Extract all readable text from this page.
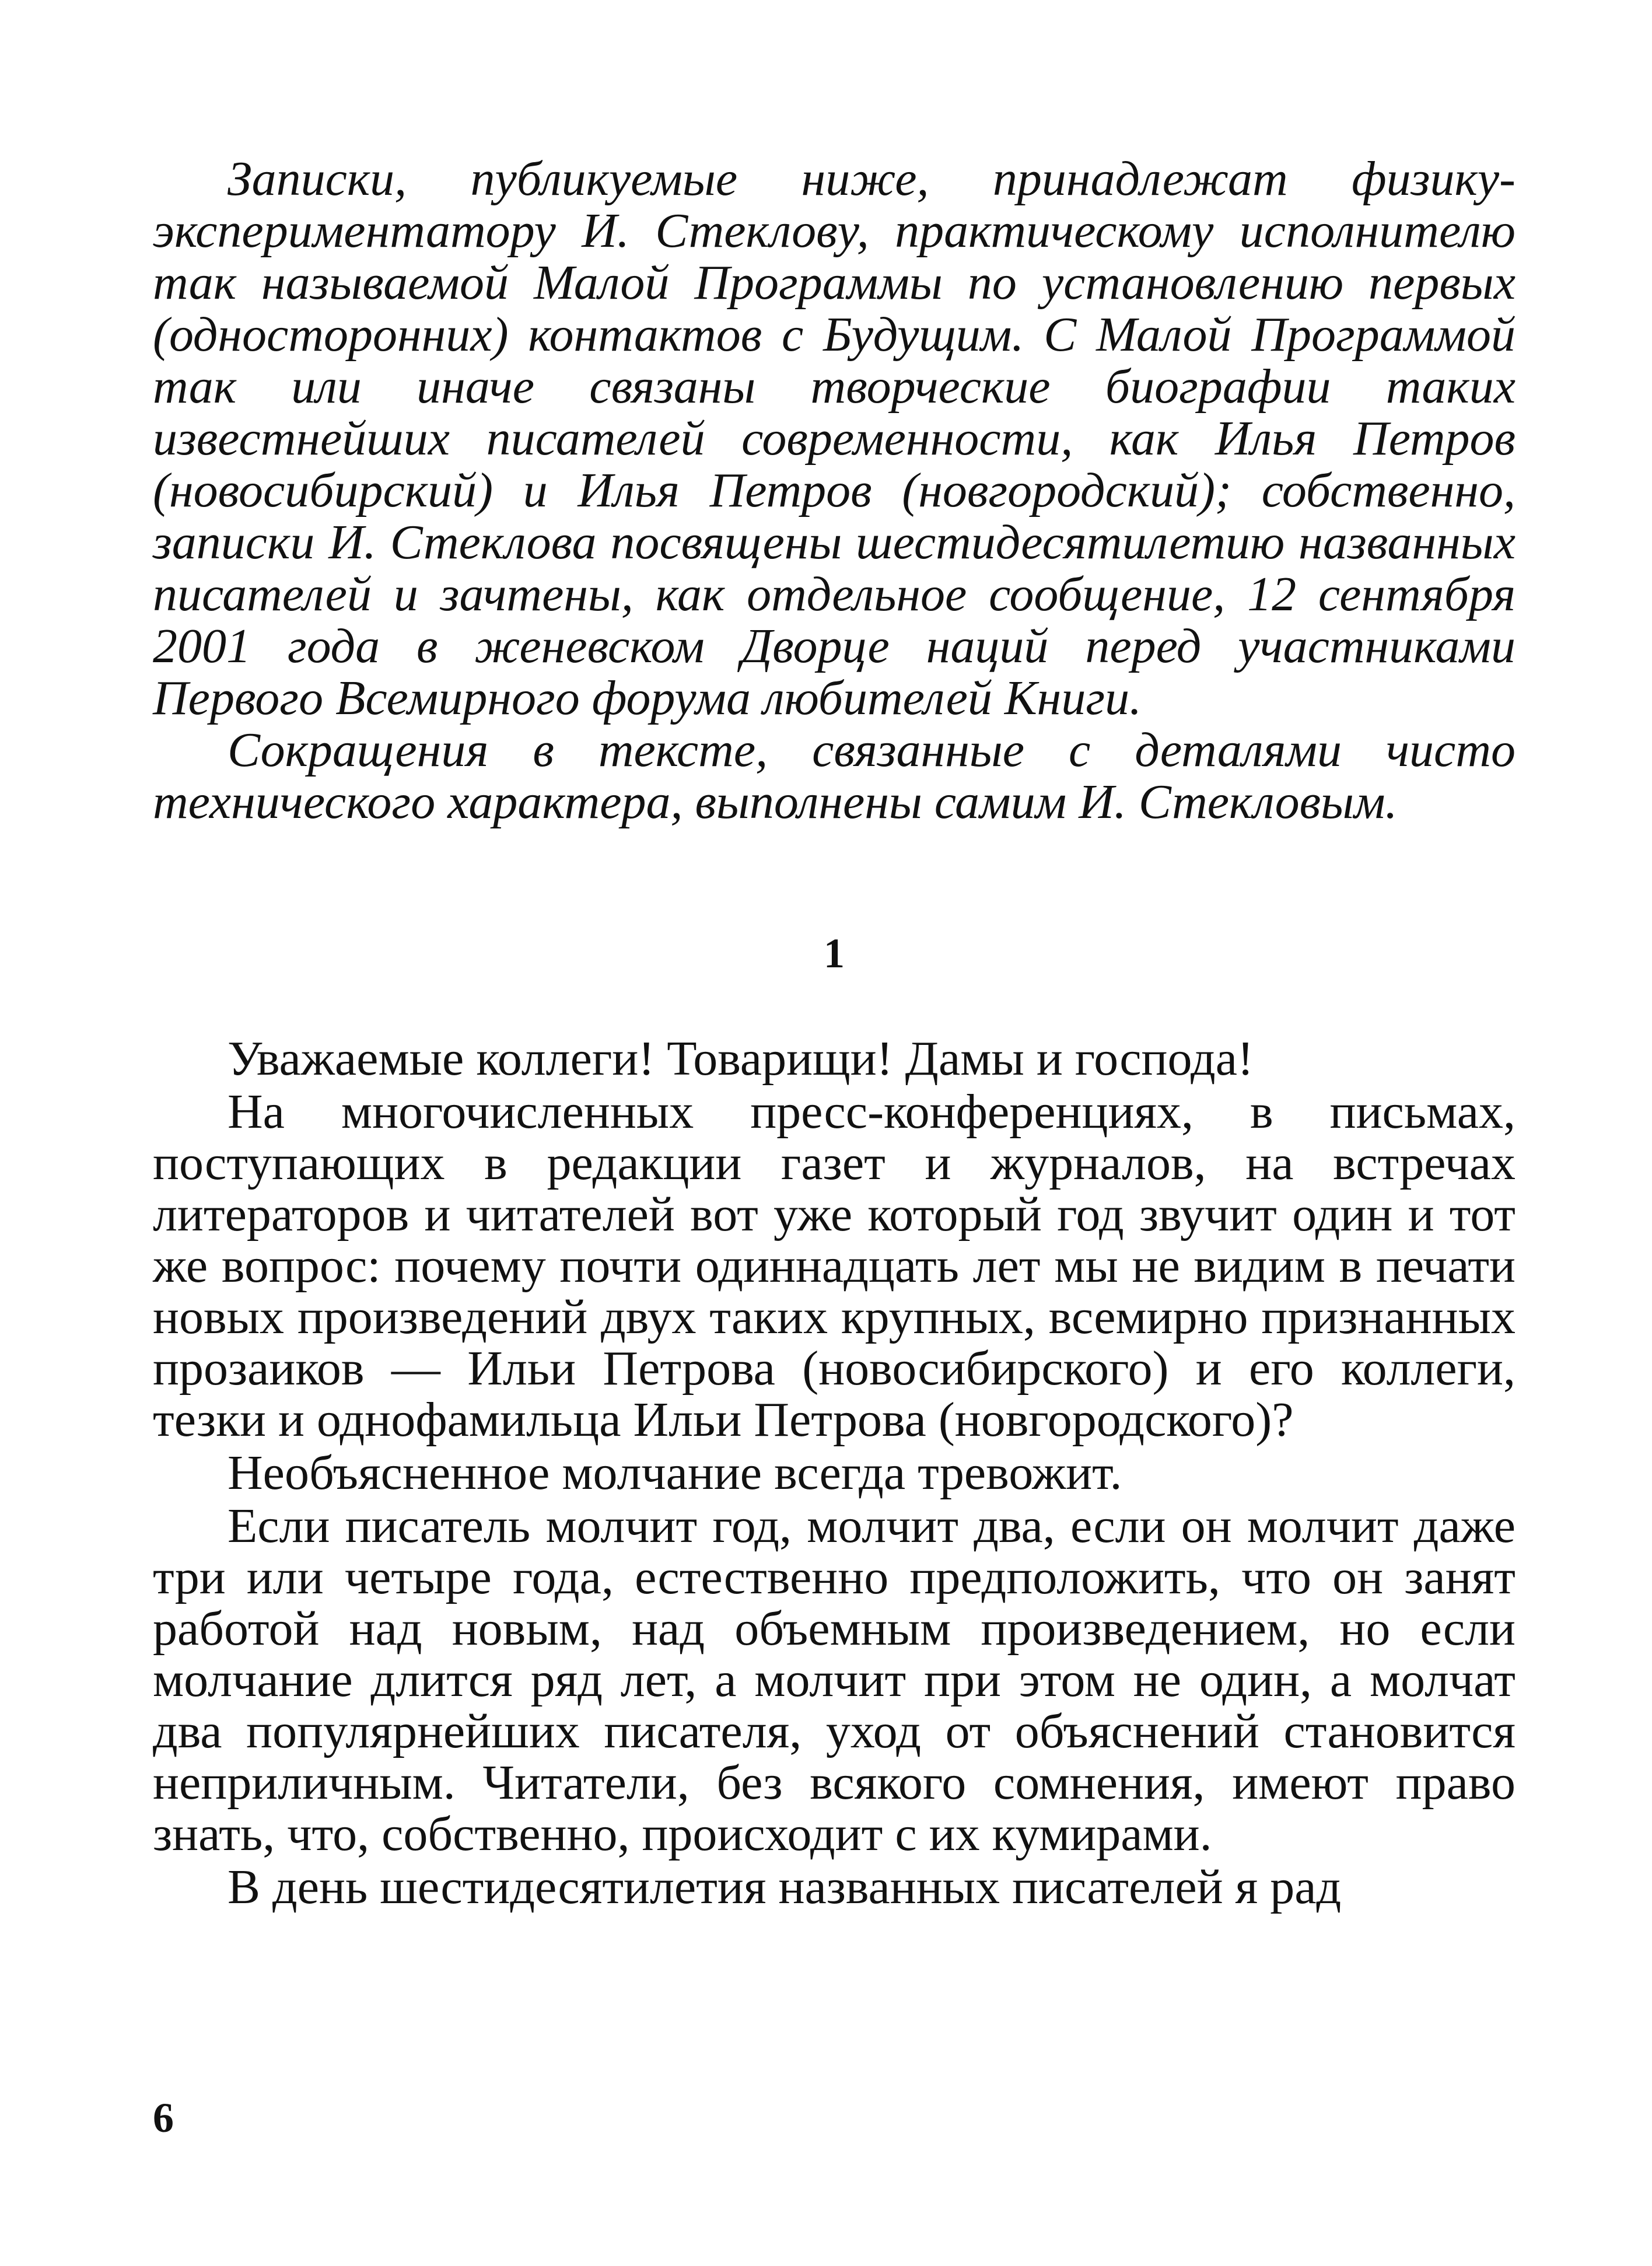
Записки, публикуемые ниже, принадлежат физику-экспериментатору И. Стеклову, практическому исполнителю так называемой Малой Программы по установлению первых (односторонних) контактов с Будущим. С Малой Программой так или иначе связаны творческие биографии таких известнейших писателей современности, как Илья Петров (новосибирский) и Илья Петров (новгородский); собственно, записки И. Стеклова посвящены шестидесятилетию названных писателей и зачтены, как отдельное сообщение, 12 сентября 2001 года в женевском Дворце наций перед участниками Первого Всемирного форума любителей Книги.

Сокращения в тексте, связанные с деталями чисто технического характера, выполнены самим И. Стекловым.

1

Уважаемые коллеги! Товарищи! Дамы и господа!

На многочисленных пресс-конференциях, в письмах, поступающих в редакции газет и журналов, на встречах литераторов и читателей вот уже который год звучит один и тот же вопрос: почему почти одиннадцать лет мы не видим в печати новых произведений двух таких крупных, всемирно признанных прозаиков — Ильи Петрова (новосибирского) и его коллеги, тезки и однофамильца Ильи Петрова (новгородского)?

Необъясненное молчание всегда тревожит.

Если писатель молчит год, молчит два, если он молчит даже три или четыре года, естественно предположить, что он занят работой над новым, над объемным произведением, но если молчание длится ряд лет, а молчит при этом не один, а молчат два популярнейших писателя, уход от объяснений становится неприличным. Читатели, без всякого сомнения, имеют право знать, что, собственно, происходит с их кумирами.

В день шестидесятилетия названных писателей я рад

6
